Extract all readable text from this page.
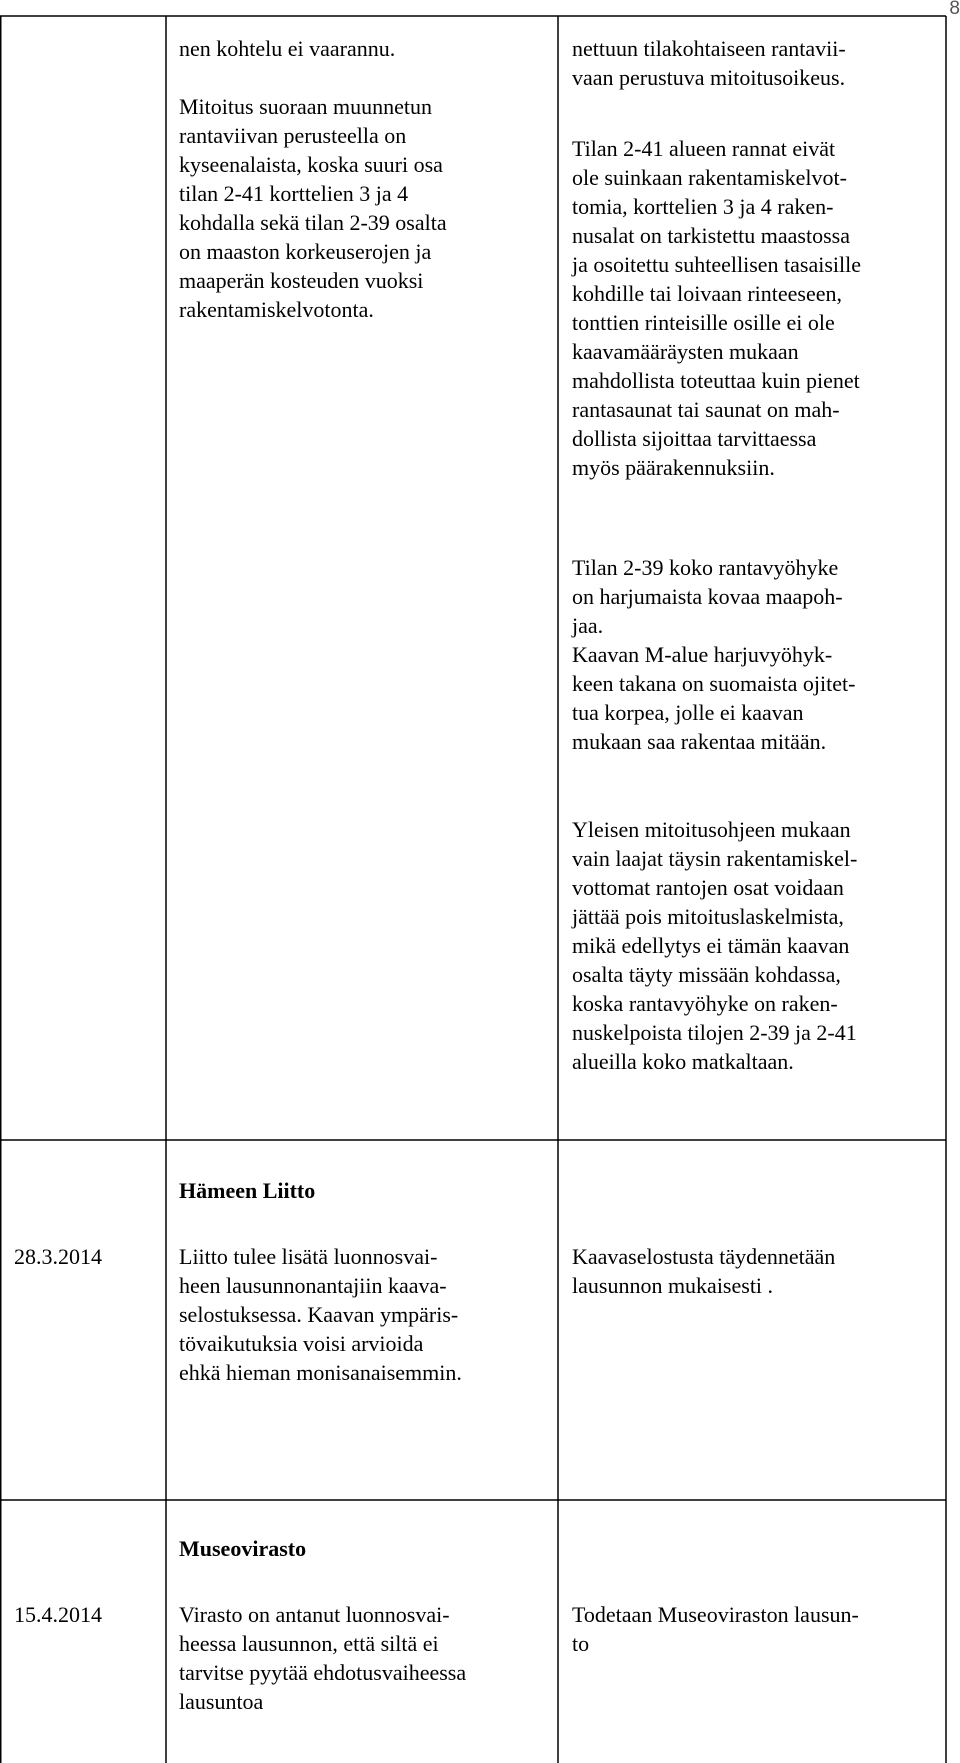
8
nen kohtelu ei vaarannu.

Mitoitus suoraan muunnetun
rantaviivan perusteella on
kyseenalaista, koska suuri osa
tilan 2-41 korttelien 3 ja 4
kohdalla sekä tilan 2-39 osalta
on maaston korkeuserojen ja
maaperän kosteuden vuoksi
rakentamiskelvotonta.
nettuun tilakohtaiseen rantavii-
vaan perustuva mitoitusoikeus.
Tilan 2-41 alueen rannat eivät
ole suinkaan rakentamiskelvot-
tomia, korttelien 3 ja 4 raken-
nusalat on tarkistettu maastossa
ja osoitettu suhteellisen tasaisille
kohdille tai loivaan rinteeseen,
tonttien rinteisille osille ei ole
kaavamääräysten mukaan
mahdollista toteuttaa kuin pienet
rantasaunat tai saunat on mah-
dollista sijoittaa tarvittaessa
myös päärakennuksiin.
Tilan 2-39 koko rantavyöhyke
on harjumaista kovaa maapoh-
jaa.
Kaavan M-alue harjuvyöhyk-
keen takana on suomaista ojitet-
tua korpea, jolle ei kaavan
mukaan saa rakentaa mitään.
Yleisen mitoitusohjeen mukaan
vain laajat täysin rakentamiskel-
vottomat rantojen osat voidaan
jättää pois mitoituslaskelmista,
mikä edellytys ei tämän kaavan
osalta täyty missään kohdassa,
koska rantavyöhyke on raken-
nuskelpoista tilojen 2-39 ja 2-41
alueilla koko matkaltaan.
Hämeen Liitto
28.3.2014	Liitto tulee lisätä luonnosvai-
heen lausunnonantajiin kaava-
selostuksessa. Kaavan ympäris-
tövaikutuksia voisi arvioida
ehkä hieman monisanaisemmin.
Kaavaselostusta täydennetään
lausunnon mukaisesti .
Museovirasto
15.4.2014	Virasto on antanut luonnosvai-
heessa lausunnon, että siltä ei
tarvitse pyytää ehdotusvaiheessa
lausuntoa
Todetaan Museoviraston lausun-
to
